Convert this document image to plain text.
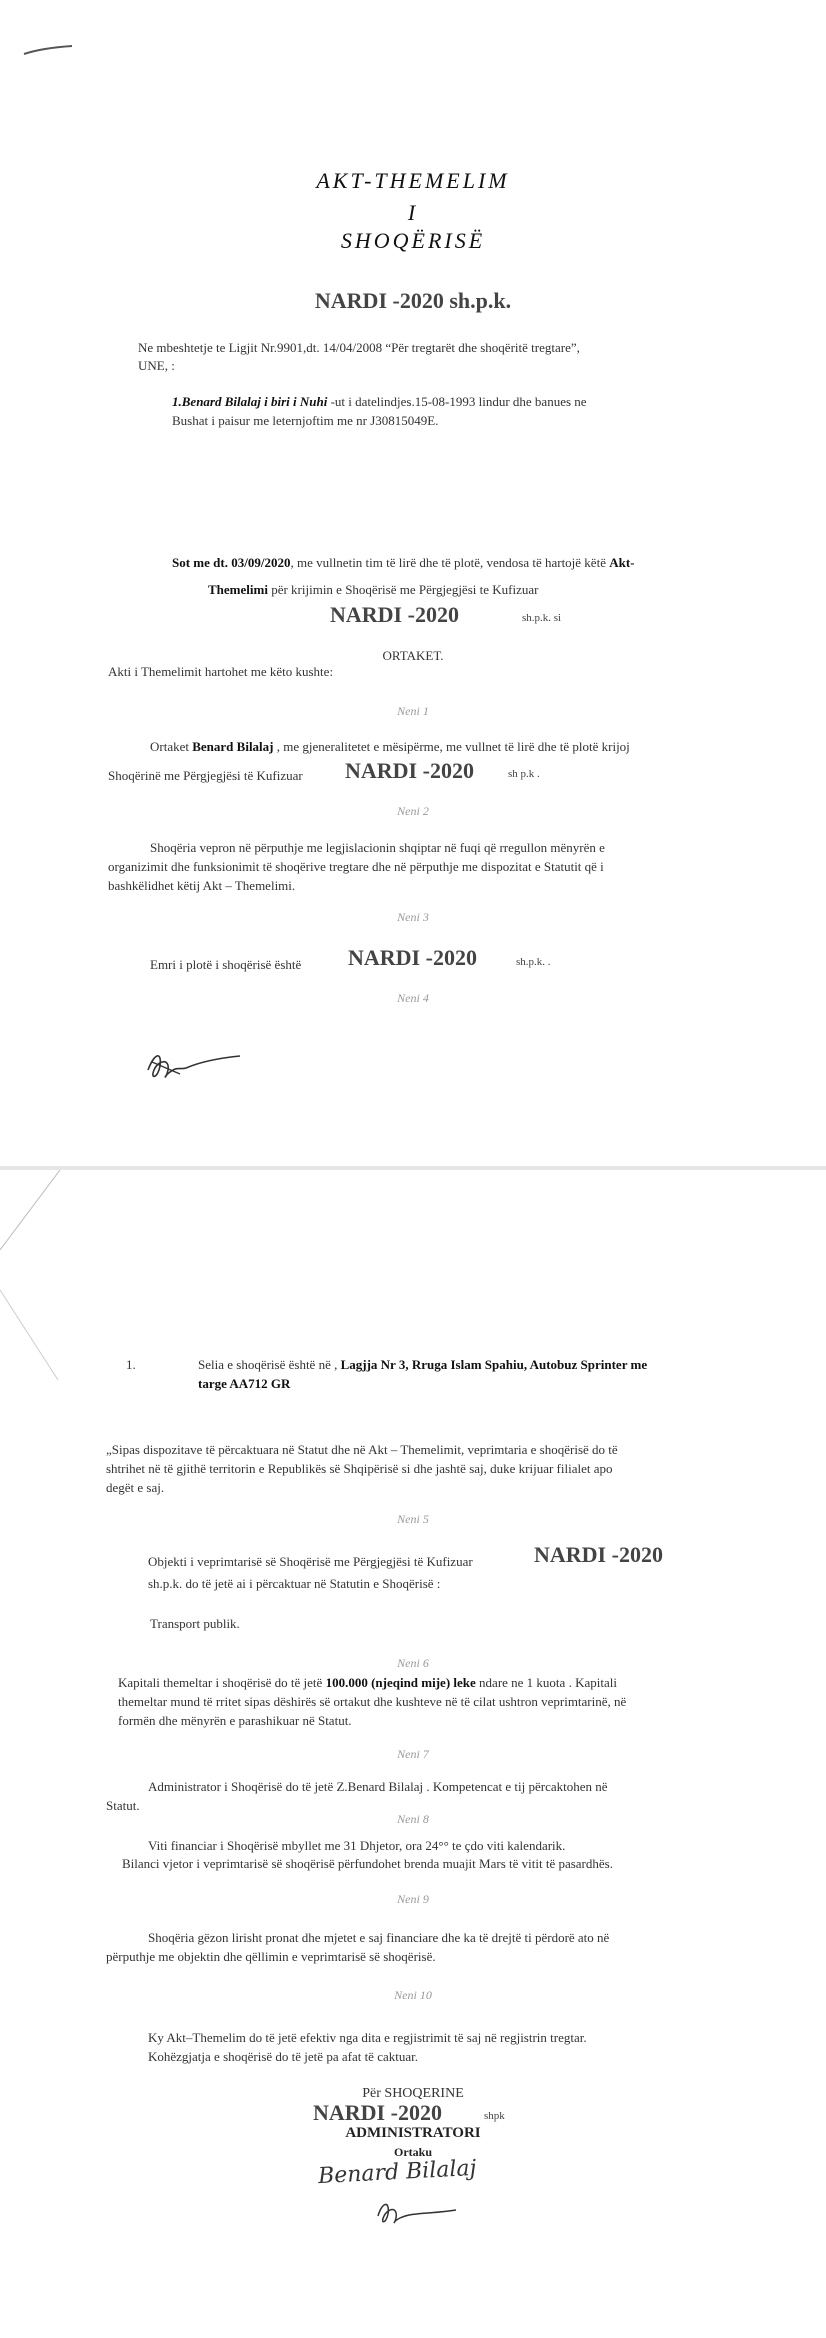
AKT-THEMELIM
I
SHOQËRISË
NARDI -2020 sh.p.k.
Ne mbeshtetje te Ligjit Nr.9901,dt. 14/04/2008 “Për tregtarët dhe shoqëritë tregtare”,
UNE, :
1.Benard Bilalaj i biri i Nuhi -ut i datelindjes.15-08-1993 lindur dhe banues ne
Bushat i paisur me leternjoftim me nr J30815049E.
Sot me dt. 03/09/2020, me vullnetin tim të lirë dhe të plotë, vendosa të hartojë këtë Akt-
Themelimi për krijimin e Shoqërisë me Përgjegjësi te Kufizuar
NARDI -2020	sh.p.k. si
ORTAKET.
Akti i Themelimit hartohet me këto kushte:
Neni 1
Ortaket Benard Bilalaj , me gjeneralitetet e mësipërme, me vullnet të lirë dhe të plotë krijoj
Shoqërinë me Përgjegjësi të Kufizuar NARDI -2020	sh p.k .
Neni 2
Shoqëria vepron në përputhje me legjislacionin shqiptar në fuqi që rregullon mënyrën e
organizimit dhe funksionimit të shoqërive tregtare dhe në përputhje me dispozitat e Statutit që i
bashkëlidhet këtij Akt – Themelimi.
Neni 3
Emri i plotë i shoqërisë është NARDI -2020	sh.p.k. .
Neni 4
1.	Selia e shoqërisë është në , Lagjja Nr 3, Rruga Islam Spahiu, Autobuz Sprinter me
targe AA712 GR
„Sipas dispozitave të përcaktuara në Statut dhe në Akt – Themelimit, veprimtaria e shoqërisë do të
shtrihet në të gjithë territorin e Republikës së Shqipërisë si dhe jashtë saj, duke krijuar filialet apo
degët e saj.
Neni 5
Objekti i veprimtarisë së Shoqërisë me Përgjegjësi të Kufizuar	NARDI -2020
sh.p.k. do të jetë ai i përcaktuar në Statutin e Shoqërisë :
Transport publik.
Neni 6
Kapitali themeltar i shoqërisë do të jetë 100.000 (njeqind mije) leke ndare ne 1 kuota . Kapitali
themeltar mund të rritet sipas dëshirës së ortakut dhe kushteve në të cilat ushtron veprimtarinë, në
formën dhe mënyrën e parashikuar në Statut.
Neni 7
Administrator i Shoqërisë do të jetë Z.Benard Bilalaj . Kompetencat e tij përcaktohen në
Statut.
Neni 8
Viti financiar i Shoqërisë mbyllet me 31 Dhjetor, ora 24°° te çdo viti kalendarik.
Bilanci vjetor i veprimtarisë së shoqërisë përfundohet brenda muajit Mars të vitit të pasardhës.
Neni 9
Shoqëria gëzon lirisht pronat dhe mjetet e saj financiare dhe ka të drejtë ti përdorë ato në
përputhje me objektin dhe qëllimin e veprimtarisë së shoqërisë.
Neni 10
Ky Akt–Themelim do të jetë efektiv nga dita e regjistrimit të saj në regjistrin tregtar.
Kohëzgjatja e shoqërisë do të jetë pa afat të caktuar.
Për SHOQERINE
NARDI -2020	shpk
ADMINISTRATORI
Ortaku
Benard Bilalaj
